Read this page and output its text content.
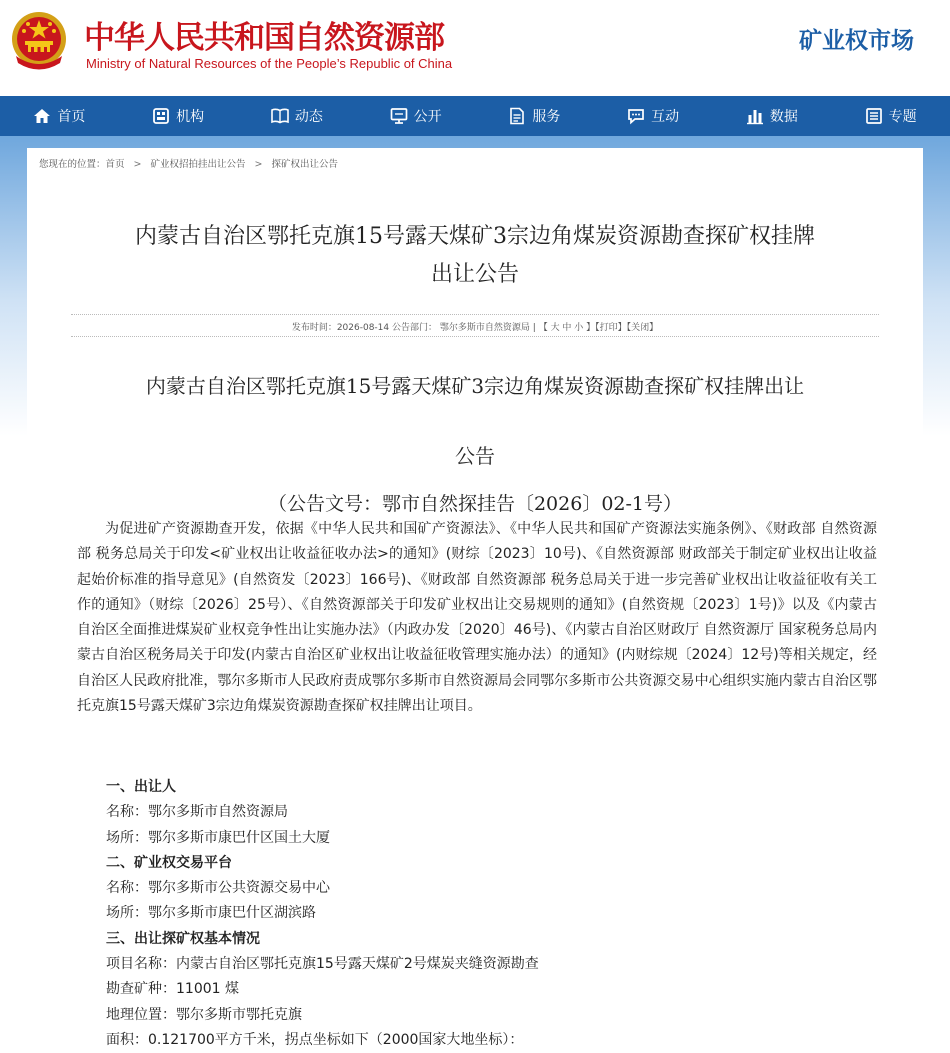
中华人民共和国自然资源部
Ministry of Natural Resources of the People’s Republic of China
矿业权市场
首页	机构	动态	公开	服务	互动	数据	专题
您现在的位置：首页 > 矿业权招拍挂出让公告 > 探矿权出让公告
内蒙古自治区鄂托克旗15号露天煤矿3宗边角煤炭资源勘查探矿权挂牌
出让公告
发布时间：2026-08-14 公告部门： 鄂尔多斯市自然资源局 | 【 大 中 小 】【打印】【关闭】
内蒙古自治区鄂托克旗15号露天煤矿3宗边角煤炭资源勘查探矿权挂牌出让
公告
（公告文号：鄂市自然探挂告〔2026〕02-1号）
为促进矿产资源勘查开发，依据《中华人民共和国矿产资源法》、《中华人民共和国矿产资源法实施条例》、《财政部 自然资源部 税务总局关于印发<矿业权出让收益征收办法>的通知》(财综〔2023〕10号)、《自然资源部 财政部关于制定矿业权出让收益起始价标准的指导意见》(自然资发〔2023〕166号)、《财政部 自然资源部 税务总局关于进一步完善矿业权出让收益征收有关工作的通知》（财综〔2026〕25号）、《自然资源部关于印发矿业权出让交易规则的通知》(自然资规〔2023〕1号)》以及《内蒙古自治区全面推进煤炭矿业权竞争性出让实施办法》（内政办发〔2020〕46号)、《内蒙古自治区财政厅 自然资源厅 国家税务总局内蒙古自治区税务局关于印发(内蒙古自治区矿业权出让收益征收管理实施办法）的通知》(内财综规〔2024〕12号)等相关规定，经自治区人民政府批准，鄂尔多斯市人民政府责成鄂尔多斯市自然资源局会同鄂尔多斯市公共资源交易中心组织实施内蒙古自治区鄂托克旗15号露天煤矿3宗边角煤炭资源勘查探矿权挂牌出让项目。
一、出让人
名称：鄂尔多斯市自然资源局
场所：鄂尔多斯市康巴什区国土大厦
二、矿业权交易平台
名称：鄂尔多斯市公共资源交易中心
场所：鄂尔多斯市康巴什区湖滨路
三、出让探矿权基本情况
项目名称：内蒙古自治区鄂托克旗15号露天煤矿2号煤炭夹缝资源勘查
勘查矿种：11001 煤
地理位置：鄂尔多斯市鄂托克旗
面积：0.121700平方千米，拐点坐标如下（2000国家大地坐标）：
